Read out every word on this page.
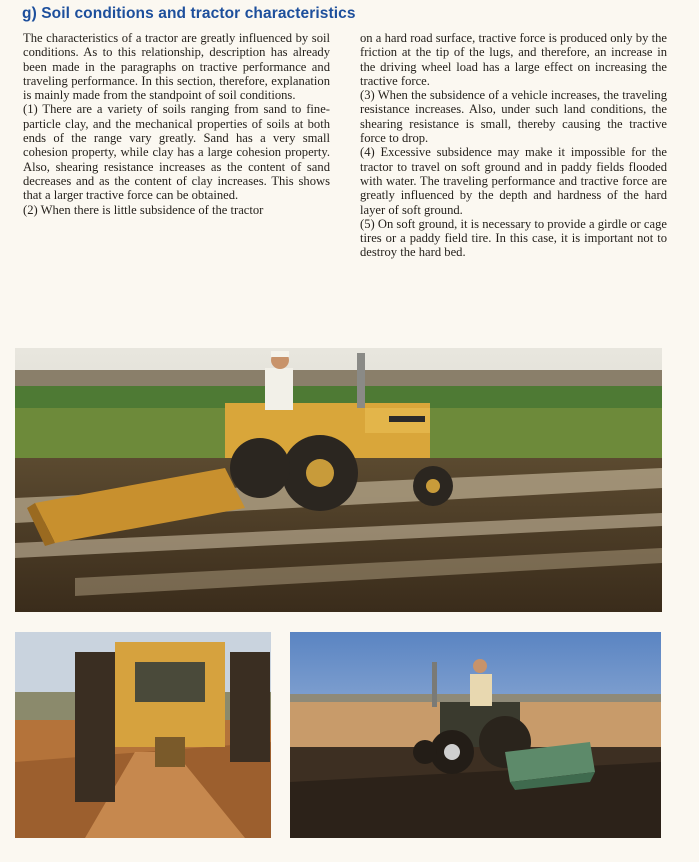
g) Soil conditions and tractor characteristics

The characteristics of a tractor are greatly influenced by soil conditions. As to this relationship, description has already been made in the paragraphs on tractive performance and traveling performance. In this section, therefore, explanation is mainly made from the standpoint of soil conditions.

(1) There are a variety of soils ranging from sand to fine-particle clay, and the mechanical properties of soils at both ends of the range vary greatly. Sand has a very small cohesion property, while clay has a large cohesion property. Also, shearing resistance increases as the content of sand decreases and as the content of clay increases. This shows that a larger tractive force can be obtained.

(2) When there is little subsidence of the tractor

on a hard road surface, tractive force is produced only by the friction at the tip of the lugs, and therefore, an increase in the driving wheel load has a large effect on increasing the tractive force.

(3) When the subsidence of a vehicle increases, the traveling resistance increases. Also, under such land conditions, the shearing resistance is small, thereby causing the tractive force to drop.

(4) Excessive subsidence may make it impossible for the tractor to travel on soft ground and in paddy fields flooded with water. The traveling performance and tractive force are greatly influenced by the depth and hardness of the hard layer of soft ground.

(5) On soft ground, it is necessary to provide a girdle or cage tires or a paddy field tire. In this case, it is important not to destroy the hard bed.
